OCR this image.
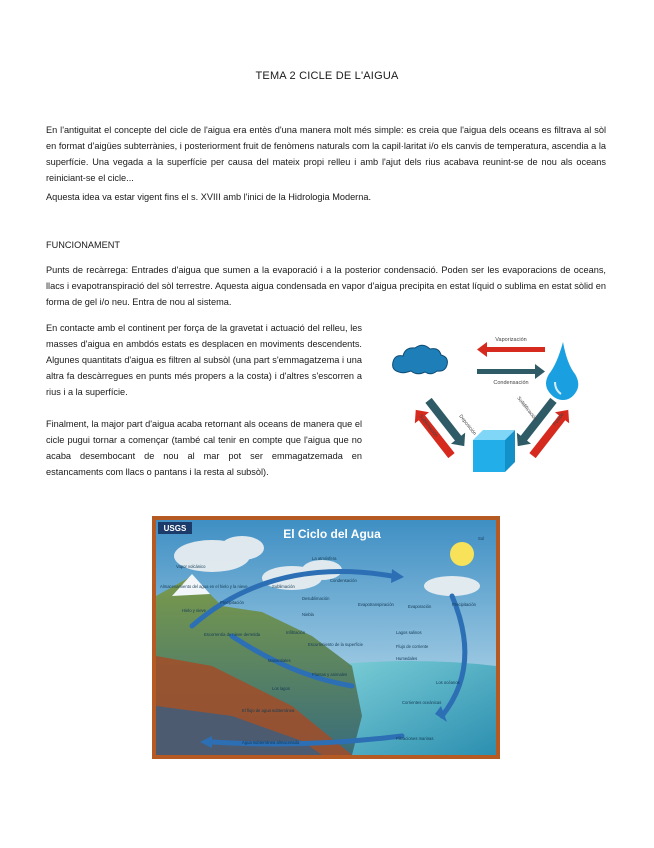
TEMA 2 CICLE DE L'AIGUA

En l'antiguitat el concepte del cicle de l'aigua era entès d'una manera molt més simple: es creia que l'aigua dels oceans es filtrava al sòl en format d'aigües subterrànies, i posteriorment fruit de fenòmens naturals com la capil·laritat i/o els canvis de temperatura, ascendia a la superfície. Una vegada a la superfície per causa del mateix propi relleu i amb l'ajut dels rius acabava reunint-se de nou als oceans reiniciant-se el cicle...

Aquesta idea va estar vigent fins el s. XVIII amb l'inici de la Hidrologia Moderna.

FUNCIONAMENT

Punts de recàrrega: Entrades d'aigua que sumen a la evaporació i a la posterior condensació. Poden ser les evaporacions de oceans, llacs i evapotranspiració del sòl terrestre. Aquesta aigua condensada en vapor d'aigua precipita en estat líquid o sublima en estat sòlid en forma de gel i/o neu. Entra de nou al sistema.

En contacte amb el continent per força de la gravetat i actuació del relleu, les masses d'aigua en ambdós estats es desplacen en moviments descendents. Algunes quantitats d'aigua es filtren al subsòl (una part s'emmagatzema i una altra fa descàrregues en punts més propers a la costa) i d'altres s'escorren a rius i a la superfície.

Finalment, la major part d'aigua acaba retornant als oceans de manera que el cicle pugui tornar a començar (també cal tenir en compte que l'aigua que no acaba desembocant de nou al mar pot ser emmagatzemada en estancaments com llacs o pantans i la resta al subsòl).

Vaporización
Condensación
Deposición
Sublimación
Solidificación	Fusión
USGS	El Ciclo del Agua	Sol
La atmósfera
Condensación
Vapor volcánico
Almacenamiento del agua en el hielo y la nieve	Sublimación
Precipitación	Precipitación
Evapotranspiración	Evaporación
Niebla
Desublimación
Escorrentía de nieve derretida	Infiltración
Escurrimiento de la superficie
Lagos salinos
Manantiales
Flujo de corriente
Humedales
Plantas y animales
Los océanos
Corrientes oceánicas
Los lagos
Hielo y nieve
El flujo de agua subterránea
Agua subterránea almacenada
Filtraciones marinas
